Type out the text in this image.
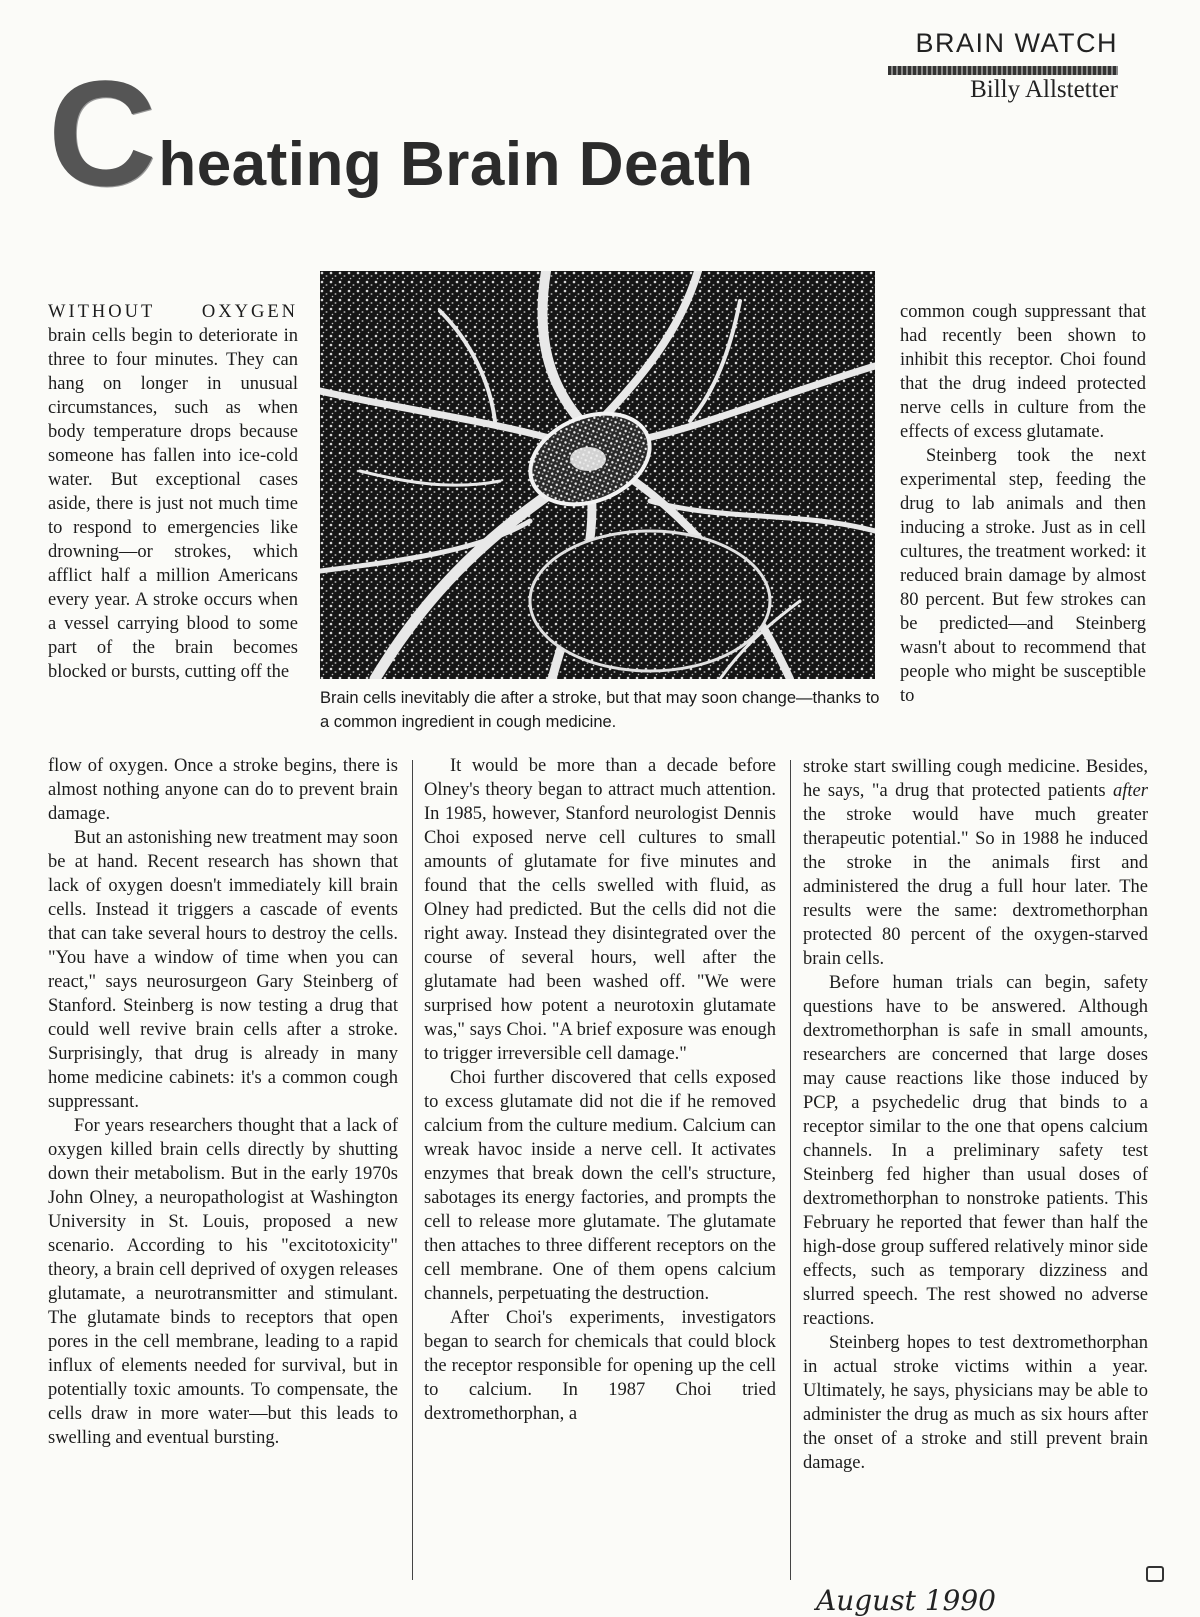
BRAIN WATCH
Billy Allstetter
C heating Brain Death
Brain cells inevitably die after a stroke, but that may soon change—thanks to a common ingredient in cough medicine.

WITHOUT OXYGEN brain cells begin to deteriorate in three to four minutes. They can hang on longer in unusual circumstances, such as when body temperature drops because someone has fallen into ice-cold water. But exceptional cases aside, there is just not much time to respond to emergencies like drowning—or strokes, which afflict half a million Americans every year. A stroke occurs when a vessel carrying blood to some part of the brain becomes blocked or bursts, cutting off the

flow of oxygen. Once a stroke begins, there is almost nothing anyone can do to prevent brain damage.

But an astonishing new treatment may soon be at hand. Recent research has shown that lack of oxygen doesn't immediately kill brain cells. Instead it triggers a cascade of events that can take several hours to destroy the cells. "You have a window of time when you can react," says neurosurgeon Gary Steinberg of Stanford. Steinberg is now testing a drug that could well revive brain cells after a stroke. Surprisingly, that drug is already in many home medicine cabinets: it's a common cough suppressant.

For years researchers thought that a lack of oxygen killed brain cells directly by shutting down their metabolism. But in the early 1970s John Olney, a neuropathologist at Washington University in St. Louis, proposed a new scenario. According to his "excitotoxicity" theory, a brain cell deprived of oxygen releases glutamate, a neurotransmitter and stimulant. The glutamate binds to receptors that open pores in the cell membrane, leading to a rapid influx of elements needed for survival, but in potentially toxic amounts. To compensate, the cells draw in more water—but this leads to swelling and eventual bursting.

It would be more than a decade before Olney's theory began to attract much attention. In 1985, however, Stanford neurologist Dennis Choi exposed nerve cell cultures to small amounts of glutamate for five minutes and found that the cells swelled with fluid, as Olney had predicted. But the cells did not die right away. Instead they disintegrated over the course of several hours, well after the glutamate had been washed off. "We were surprised how potent a neurotoxin glutamate was," says Choi. "A brief exposure was enough to trigger irreversible cell damage."

Choi further discovered that cells exposed to excess glutamate did not die if he removed calcium from the culture medium. Calcium can wreak havoc inside a nerve cell. It activates enzymes that break down the cell's structure, sabotages its energy factories, and prompts the cell to release more glutamate. The glutamate then attaches to three different receptors on the cell membrane. One of them opens calcium channels, perpetuating the destruction.

After Choi's experiments, investigators began to search for chemicals that could block the receptor responsible for opening up the cell to calcium. In 1987 Choi tried dextromethorphan, a

common cough suppressant that had recently been shown to inhibit this receptor. Choi found that the drug indeed protected nerve cells in culture from the effects of excess glutamate.

Steinberg took the next experimental step, feeding the drug to lab animals and then inducing a stroke. Just as in cell cultures, the treatment worked: it reduced brain damage by almost 80 percent. But few strokes can be predicted—and Steinberg wasn't about to recommend that people who might be susceptible to

stroke start swilling cough medicine. Besides, he says, "a drug that protected patients after the stroke would have much greater therapeutic potential." So in 1988 he induced the stroke in the animals first and administered the drug a full hour later. The results were the same: dextromethorphan protected 80 percent of the oxygen-starved brain cells.

Before human trials can begin, safety questions have to be answered. Although dextromethorphan is safe in small amounts, researchers are concerned that large doses may cause reactions like those induced by PCP, a psychedelic drug that binds to a receptor similar to the one that opens calcium channels. In a preliminary safety test Steinberg fed higher than usual doses of dextromethorphan to nonstroke patients. This February he reported that fewer than half the high-dose group suffered relatively minor side effects, such as temporary dizziness and slurred speech. The rest showed no adverse reactions.

Steinberg hopes to test dextromethorphan in actual stroke victims within a year. Ultimately, he says, physicians may be able to administer the drug as much as six hours after the onset of a stroke and still prevent brain damage.

August 1990
